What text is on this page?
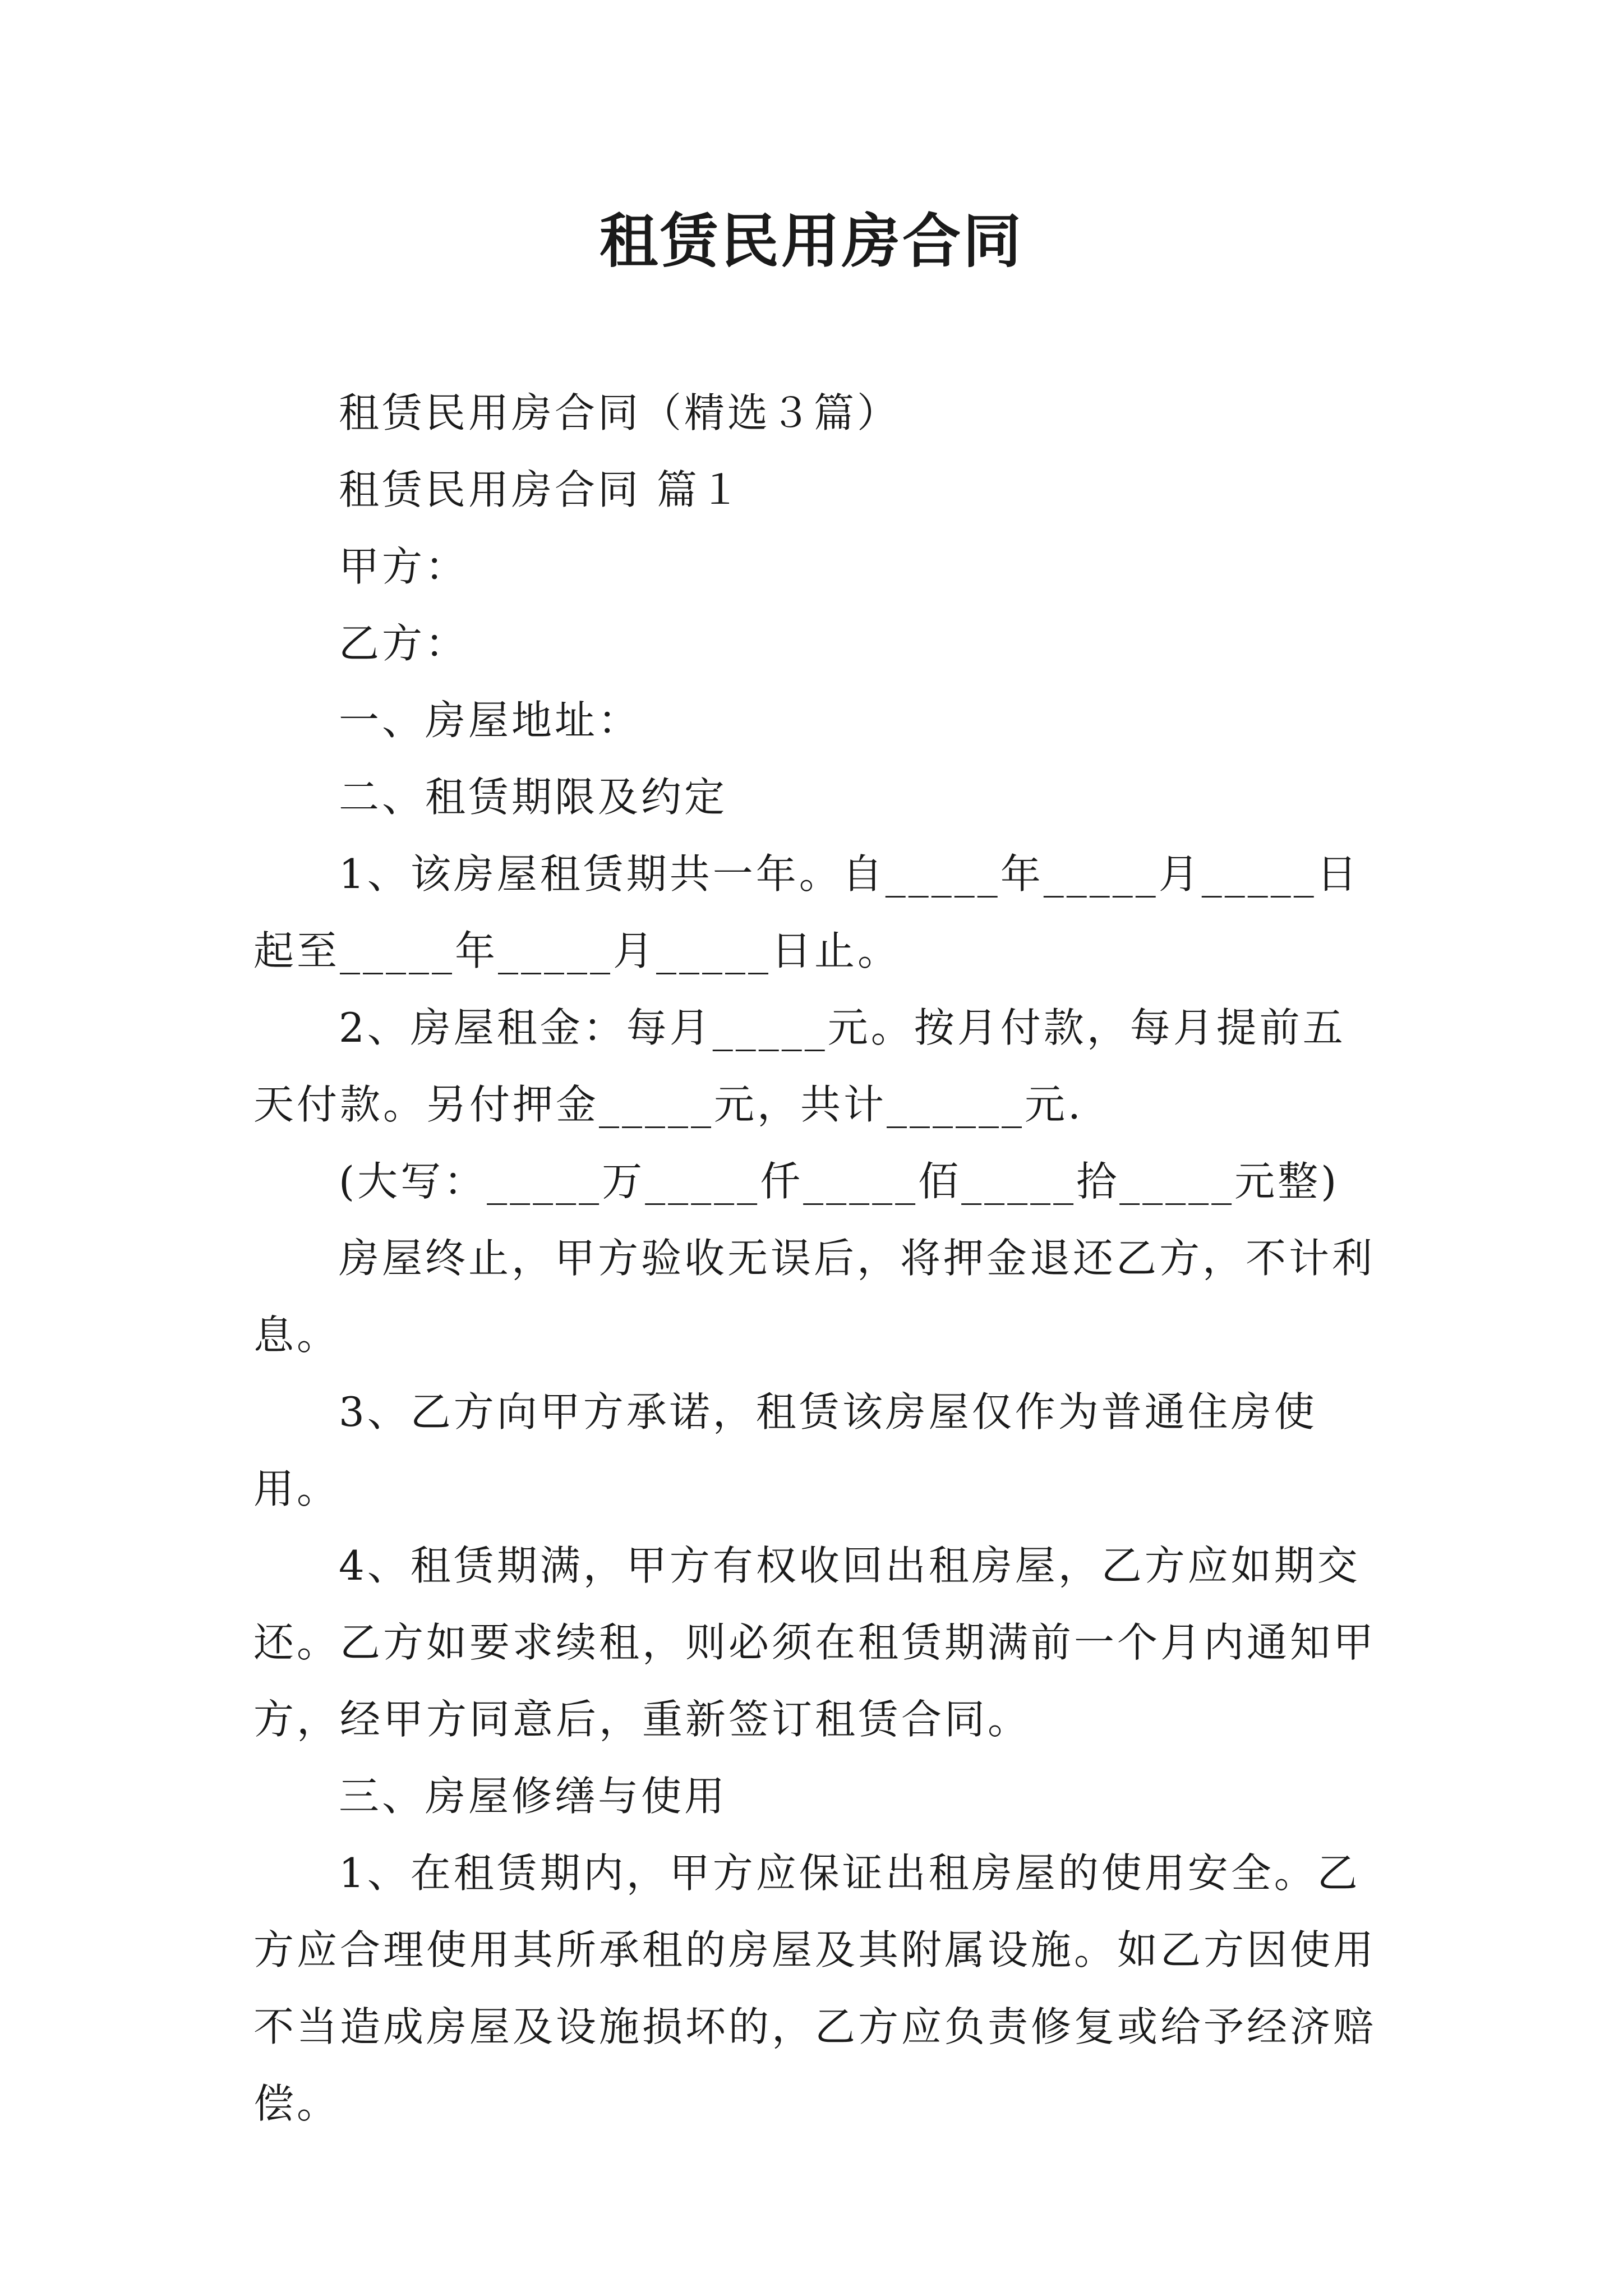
租赁民用房合同

租赁民用房合同（精选３篇）

租赁民用房合同 篇１

甲方：

乙方：

一、房屋地址：

二、租赁期限及约定

1、该房屋租赁期共一年。自_____年_____月_____日起至_____年_____月_____日止。

2、房屋租金：每月_____元。按月付款，每月提前五天付款。另付押金_____元，共计______元.

(大写：_____万_____仟_____佰_____拾_____元整)

房屋终止，甲方验收无误后，将押金退还乙方，不计利息。

3、乙方向甲方承诺，租赁该房屋仅作为普通住房使用。

4、租赁期满，甲方有权收回出租房屋，乙方应如期交还。乙方如要求续租，则必须在租赁期满前一个月内通知甲方，经甲方同意后，重新签订租赁合同。

三、房屋修缮与使用

1、在租赁期内，甲方应保证出租房屋的使用安全。乙方应合理使用其所承租的房屋及其附属设施。如乙方因使用不当造成房屋及设施损坏的，乙方应负责修复或给予经济赔偿。
